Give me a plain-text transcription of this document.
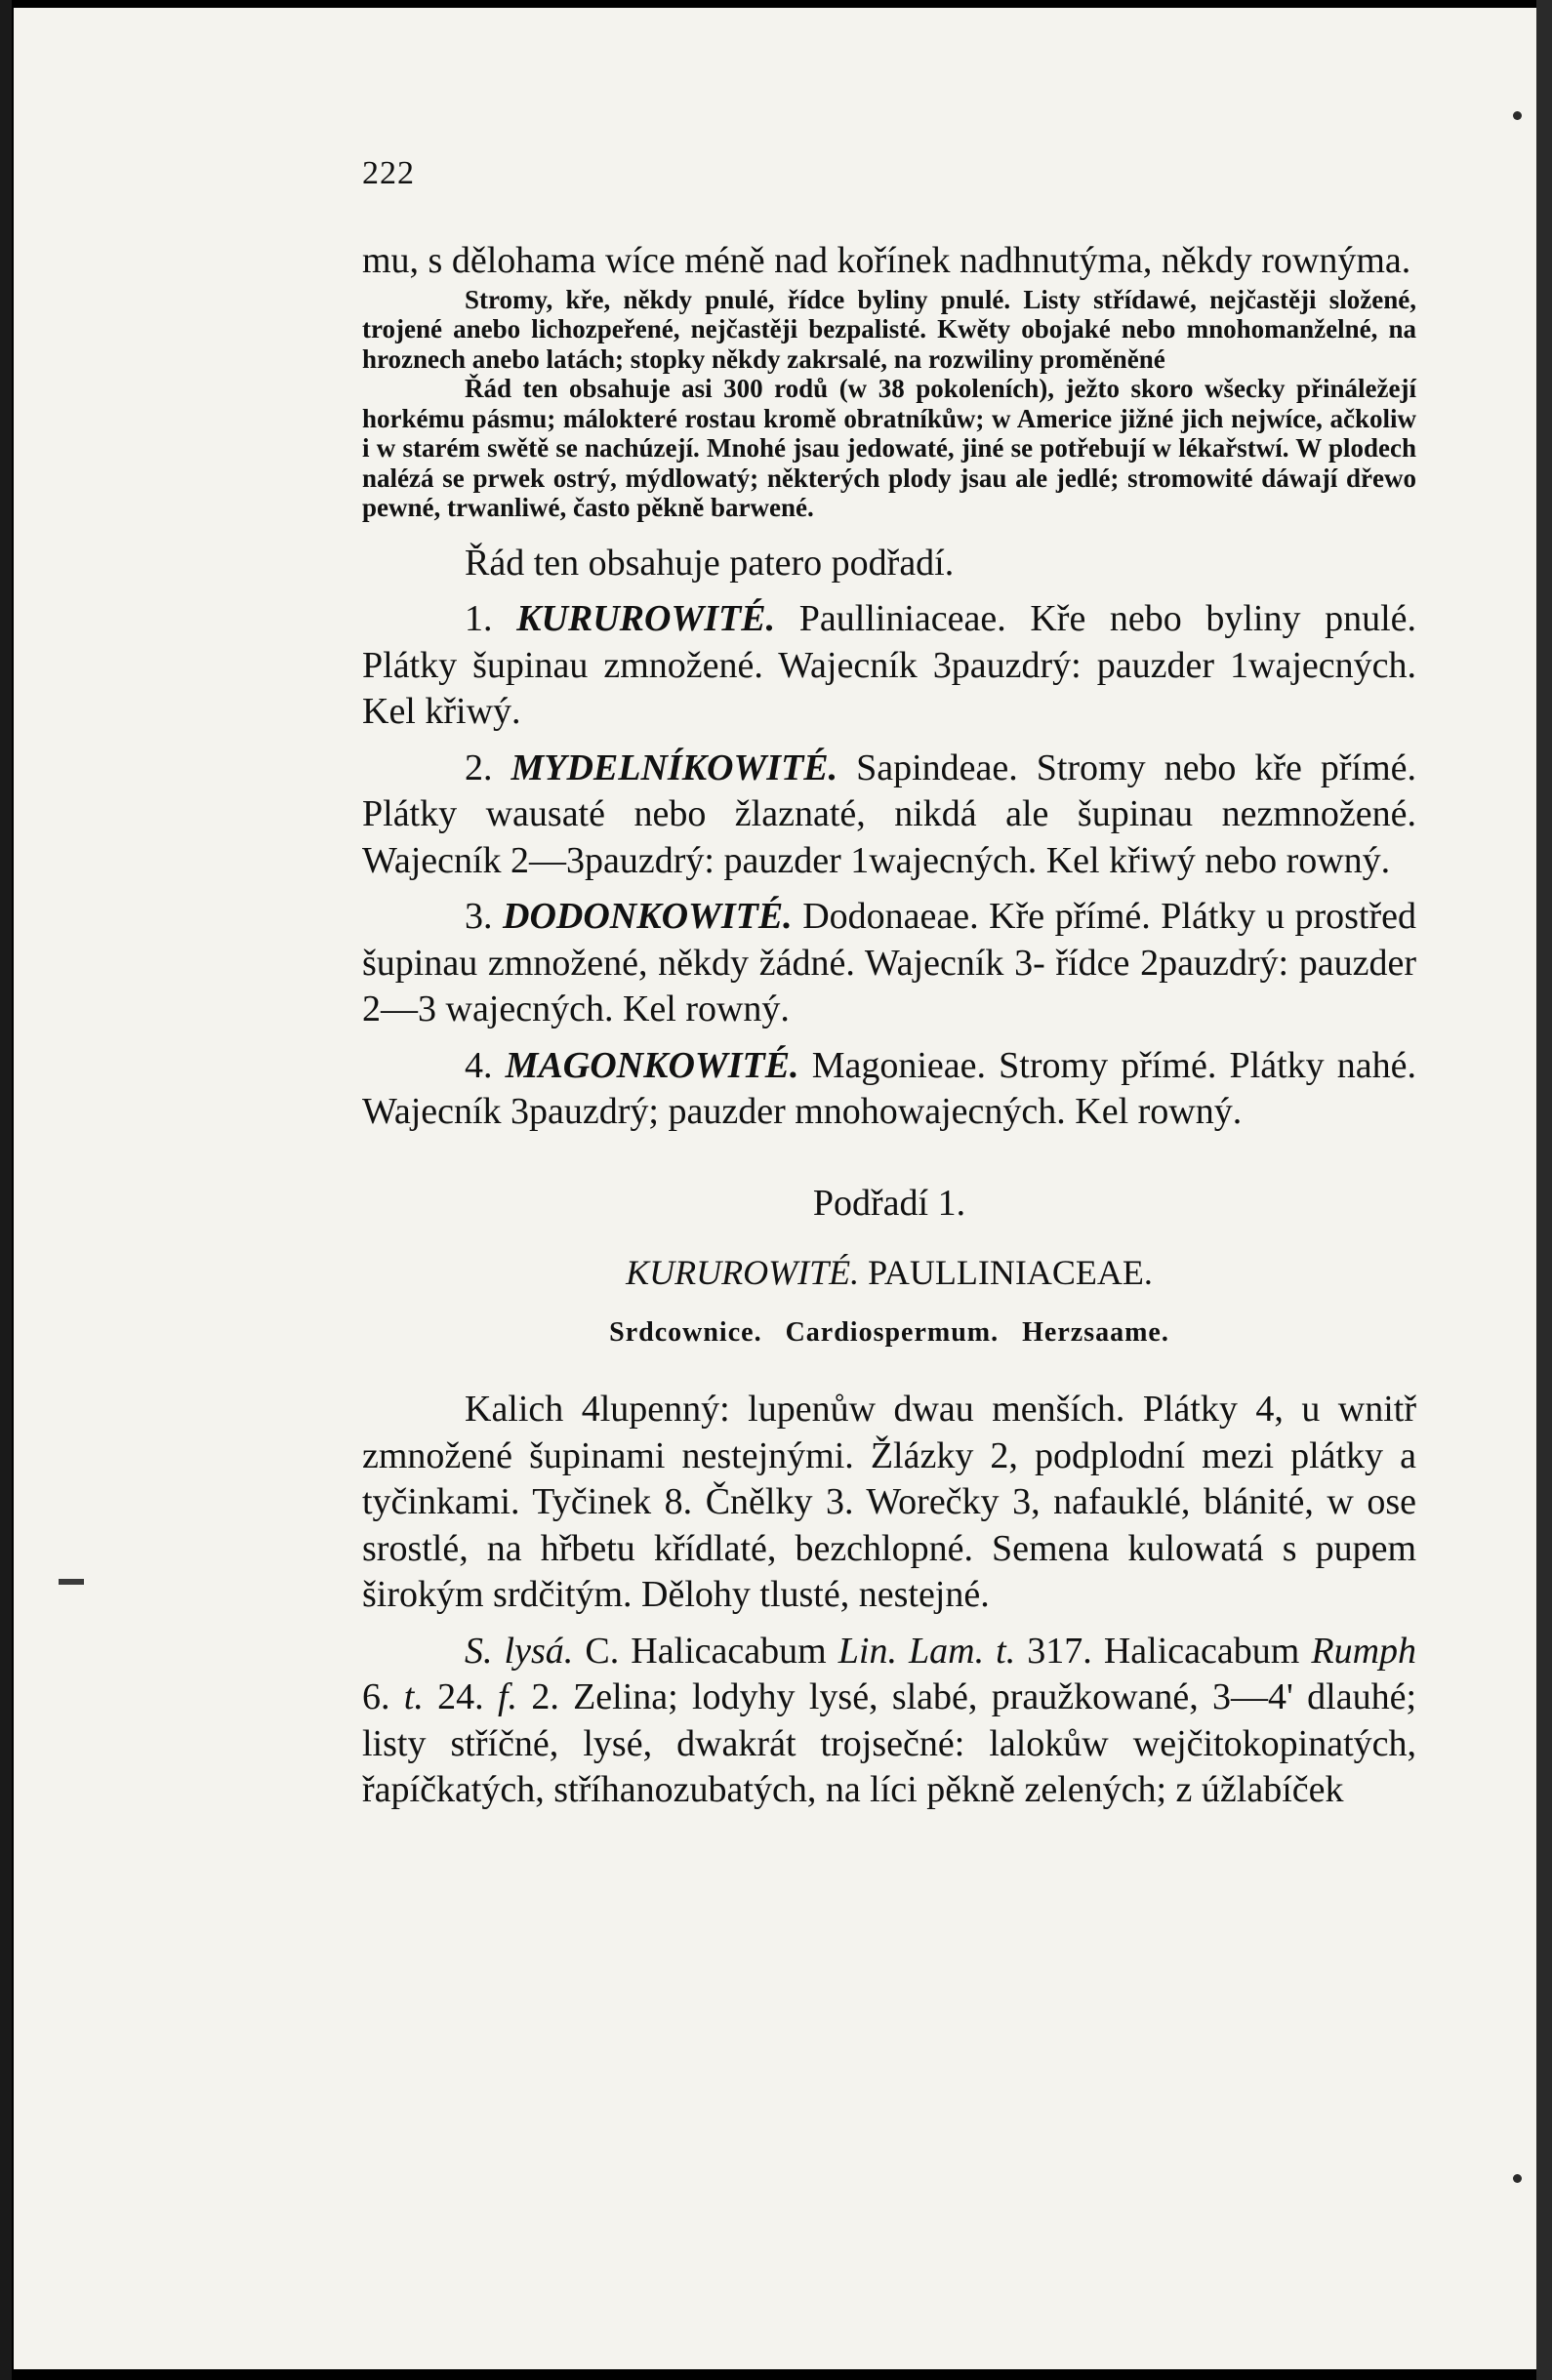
222

mu, s dělohama wíce méně nad kořínek nadhnutýma, někdy rownýma.

Stromy, kře, někdy pnulé, řídce byliny pnulé. Listy střídawé, nejčastěji složené, trojené anebo lichozpeřené, nejčastěji bezpalisté. Kwěty obojaké nebo mnohomanželné, na hroznech anebo latách; stopky někdy zakrsalé, na rozwiliny proměněné

Řád ten obsahuje asi 300 rodů (w 38 pokoleních), ježto skoro wšecky přináležejí horkému pásmu; málokteré rostau kromě obratníkůw; w Americe jižné jich nejwíce, ačkoliw i w starém swětě se nachúzejí. Mnohé jsau jedowaté, jiné se potřebují w lékařstwí. W plodech nalézá se prwek ostrý, mýdlowatý; některých plody jsau ale jedlé; stromowité dáwají dřewo pewné, trwanliwé, často pěkně barwené.

Řád ten obsahuje patero podřadí.

1. KURUROWITÉ. Paulliniaceae. Kře nebo byliny pnulé. Plátky šupinau zmnožené. Wajecník 3pauzdrý: pauzder 1wajecných. Kel křiwý.

2. MYDELNÍKOWITÉ. Sapindeae. Stromy nebo kře přímé. Plátky wausaté nebo žlaznaté, nikdá ale šupinau nezmnožené. Wajecník 2—3pauzdrý: pauzder 1wajecných. Kel křiwý nebo rowný.

3. DODONKOWITÉ. Dodonaeae. Kře přímé. Plátky u prostřed šupinau zmnožené, někdy žádné. Wajecník 3- řídce 2pauzdrý: pauzder 2—3 wajecných. Kel rowný.

4. MAGONKOWITÉ. Magonieae. Stromy přímé. Plátky nahé. Wajecník 3pauzdrý; pauzder mnohowajecných. Kel rowný.

Podřadí 1.

KURUROWITÉ. PAULLINIACEAE.

Srdcownice. Cardiospermum. Herzsaame.

Kalich 4lupenný: lupenůw dwau menších. Plátky 4, u wnitř zmnožené šupinami nestejnými. Žlázky 2, podplodní mezi plátky a tyčinkami. Tyčinek 8. Čnělky 3. Worečky 3, nafauklé, blánité, w ose srostlé, na hřbetu křídlaté, bezchlopné. Semena kulowatá s pupem širokým srdčitým. Dělohy tlusté, nestejné.

S. lysá. C. Halicacabum Lin. Lam. t. 317. Halicacabum Rumph 6. t. 24. f. 2. Zelina; lodyhy lysé, slabé, praužkowané, 3—4' dlauhé; listy stříčné, lysé, dwakrát trojsečné: lalokůw wejčitokopinatých, řapíčkatých, stříhanozubatých, na líci pěkně zelených; z úžlabíček
